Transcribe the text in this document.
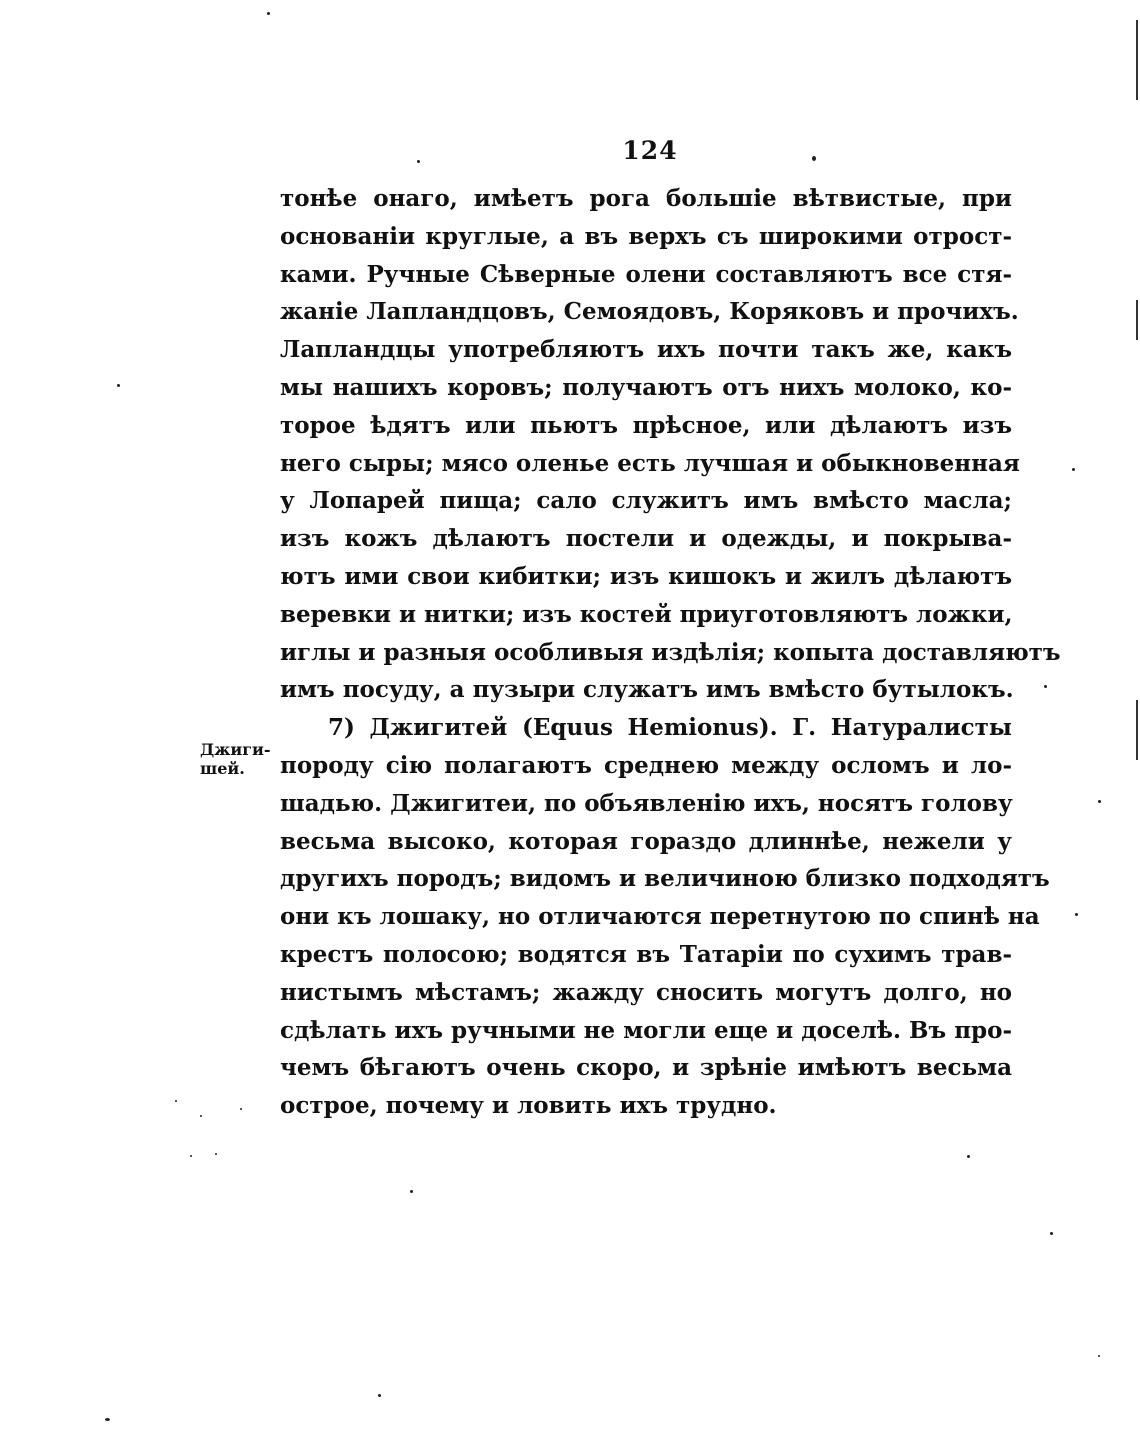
124
Джиги-
шей.
тонѣе онаго, имѣетъ рога большіе вѣтвистые, при
основаніи круглые, а въ верхъ съ широкими отрост-
ками. Ручные Сѣверные олени составляютъ все стя-
жаніе Лапландцовъ, Семоядовъ, Коряковъ и прочихъ.
Лапландцы употребляютъ ихъ почти такъ же, какъ
мы нашихъ коровъ; получаютъ отъ нихъ молоко, ко-
торое ѣдятъ или пьютъ прѣсное, или дѣлаютъ изъ
него сыры; мясо оленье есть лучшая и обыкновенная
у Лопарей пища; сало служитъ имъ вмѣсто масла;
изъ кожъ дѣлаютъ постели и одежды, и покрыва-
ютъ ими свои кибитки; изъ кишокъ и жилъ дѣлаютъ
веревки и нитки; изъ костей приуготовляютъ ложки,
иглы и разныя особливыя издѣлія; копыта доставляютъ
имъ посуду, а пузыри служатъ имъ вмѣсто бутылокъ.
7) Джигитей (Equus Hemionus). Г. Натуралисты
породу сію полагаютъ среднею между осломъ и ло-
шадью. Джигитеи, по объявленію ихъ, носятъ голову
весьма высоко, которая гораздо длиннѣе, нежели у
другихъ породъ; видомъ и величиною близко подходятъ
они къ лошаку, но отличаются перетнутою по спинѣ на
крестъ полосою; водятся въ Татаріи по сухимъ трав-
нистымъ мѣстамъ; жажду сносить могутъ долго, но
сдѣлать ихъ ручными не могли еще и доселѣ. Въ про-
чемъ бѣгаютъ очень скоро, и зрѣніе имѣютъ весьма
острое, почему и ловить ихъ трудно.
